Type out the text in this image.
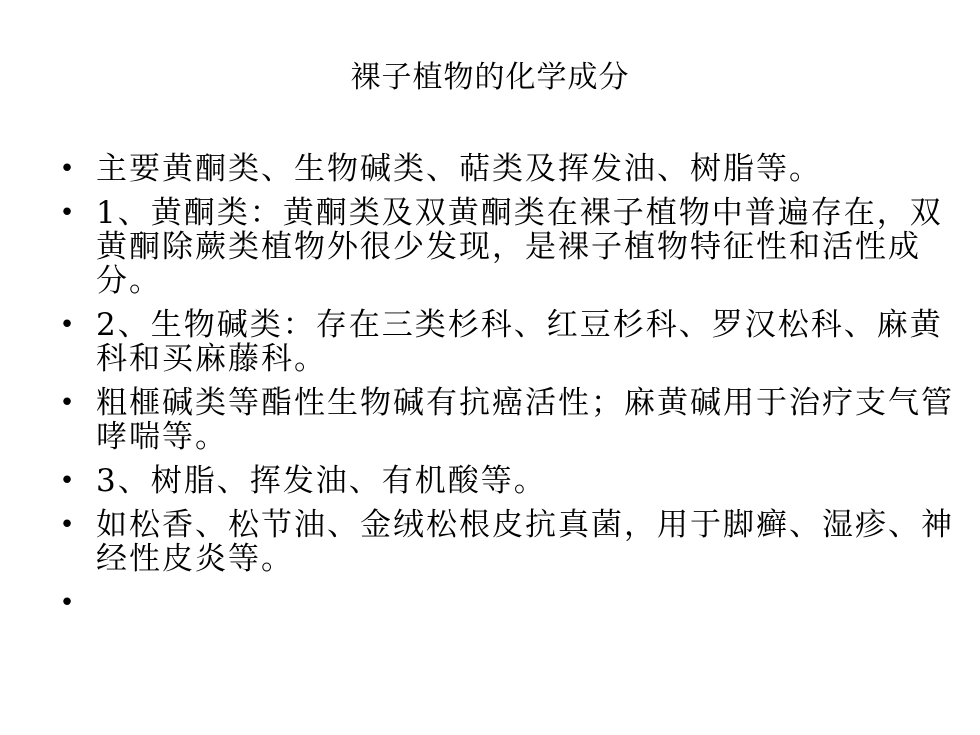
裸子植物的化学成分
• 主要黄酮类、生物碱类、萜类及挥发油、树脂等。
• 1、黄酮类：黄酮类及双黄酮类在裸子植物中普遍存在，双黄酮除蕨类植物外很少发现，是裸子植物特征性和活性成分。
• 2、生物碱类：存在三类杉科、红豆杉科、罗汉松科、麻黄科和买麻藤科。
• 粗榧碱类等酯性生物碱有抗癌活性；麻黄碱用于治疗支气管哮喘等。
• 3、树脂、挥发油、有机酸等。
• 如松香、松节油、金绒松根皮抗真菌，用于脚癣、湿疹、神经性皮炎等。
•
